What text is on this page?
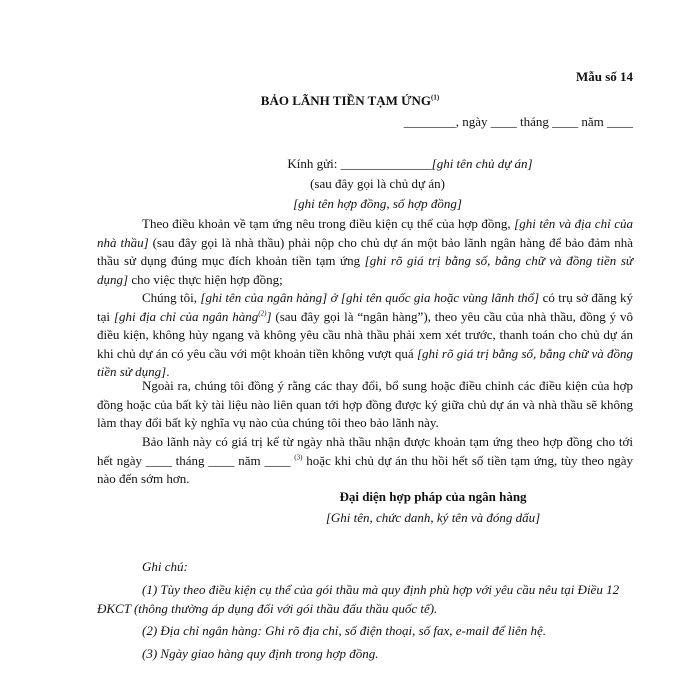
Mẫu số 14
BẢO LÃNH TIỀN TẠM ỨNG$^{(1)}$
________, ngày ____ tháng ____ năm ____
Kính gửi: ______________[ghi tên chủ dự án]
(sau đây gọi là chủ dự án)
[ghi tên hợp đồng, số hợp đồng]

Theo điều khoản về tạm ứng nêu trong điều kiện cụ thể của hợp đồng, [ghi tên và địa chỉ của nhà thầu] (sau đây gọi là nhà thầu) phải nộp cho chủ dự án một bảo lãnh ngân hàng để bảo đảm nhà thầu sử dụng đúng mục đích khoản tiền tạm ứng [ghi rõ giá trị bằng số, bằng chữ và đồng tiền sử dụng] cho việc thực hiện hợp đồng;

Chúng tôi, [ghi tên của ngân hàng] ở [ghi tên quốc gia hoặc vùng lãnh thổ] có trụ sở đăng ký tại [ghi địa chỉ của ngân hàng$^{(2)}$] (sau đây gọi là “ngân hàng”), theo yêu cầu của nhà thầu, đồng ý vô điều kiện, không hủy ngang và không yêu cầu nhà thầu phải xem xét trước, thanh toán cho chủ dự án khi chủ dự án có yêu cầu với một khoản tiền không vượt quá [ghi rõ giá trị bằng số, bằng chữ và đồng tiền sử dụng].

Ngoài ra, chúng tôi đồng ý rằng các thay đổi, bổ sung hoặc điều chỉnh các điều kiện của hợp đồng hoặc của bất kỳ tài liệu nào liên quan tới hợp đồng được ký giữa chủ dự án và nhà thầu sẽ không làm thay đổi bất kỳ nghĩa vụ nào của chúng tôi theo bảo lãnh này.

Bảo lãnh này có giá trị kể từ ngày nhà thầu nhận được khoản tạm ứng theo hợp đồng cho tới hết ngày ____ tháng ____ năm ____ $^{(3)}$ hoặc khi chủ dự án thu hồi hết số tiền tạm ứng, tùy theo ngày nào đến sớm hơn.

Đại diện hợp pháp của ngân hàng
[Ghi tên, chức danh, ký tên và đóng dấu]
Ghi chú:

(1) Tùy theo điều kiện cụ thể của gói thầu mà quy định phù hợp với yêu cầu nêu tại Điều 12 ĐKCT (thông thường áp dụng đối với gói thầu đấu thầu quốc tế).

(2) Địa chỉ ngân hàng: Ghi rõ địa chỉ, số điện thoại, số fax, e-mail để liên hệ.

(3) Ngày giao hàng quy định trong hợp đồng.
